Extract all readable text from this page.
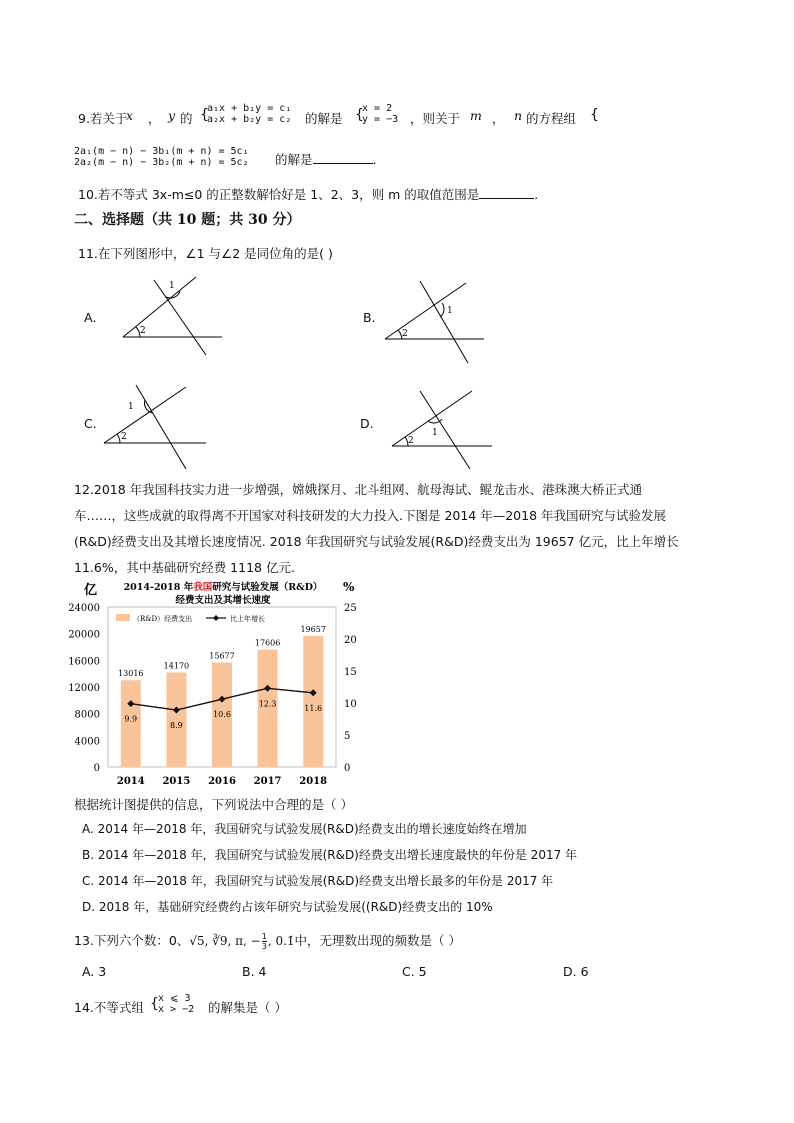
9.若关于
x ， y 的 {
a₁x + b₁y = c₁
a₂x + b₂y = c₂ 的解是 {
x = 2
y = −3 ，则关于 m ， n 的方程组 {
2a₁(m − n) − 3b₁(m + n) = 5c₁
2a₂(m − n) − 3b₂(m + n) = 5c₂ 的解是	.
10.若不等式 3x-m≤0 的正整数解恰好是 1、2、3，则 m 的取值范围是	.
二、选择题（共 10 题；共 30 分）
11.在下列图形中，∠1 与∠2 是同位角的是( )
A.
1
2
B.	1
2
C.
1
2
D.
1
2
12.2018 年我国科技实力进一步增强，嫦娥探月、北斗组网、航母海试、鲲龙击水、港珠澳大桥正式通
车……，这些成就的取得离不开国家对科技研发的大力投入.下图是 2014 年—2018 年我国研究与试验发展
(R&D)经费支出及其增长速度情况. 2018 年我国研究与试验发展(R&D)经费支出为 19657 亿元，比上年增长
11.6%，其中基础研究经费 1118 亿元.
亿	%
2014-2018 年我国研究与试验发展（R&D）
经费支出及其增长速度
（R&D）经费支出	比上年增长
0
4000
8000
12000
16000
20000
24000
0
5
10
15
20
25
13016
2014
14170
2015
15677
2016
17606
2017
19657
2018
9.9
8.9
10.6
12.3	11.6
根据统计图提供的信息，下列说法中合理的是（ ）
A. 2014 年—2018 年，我国研究与试验发展(R&D)经费支出的增长速度始终在增加
B. 2014 年—2018 年，我国研究与试验发展(R&D)经费支出增长速度最快的年份是 2017 年
C. 2014 年—2018 年，我国研究与试验发展(R&D)经费支出增长最多的年份是 2017 年
D. 2018 年，基础研究经费约占该年研究与试验发展((R&D)经费支出的 10%
13.下列六个数：0、√5, ∛9, π, − $\frac{1}{3}$ , 0.1̇中，无理数出现的频数是（ ）
A. 3	B. 4	C. 5	D. 6
14.不等式组 { x ⩽ 3
x > −2 的解集是（ ）
